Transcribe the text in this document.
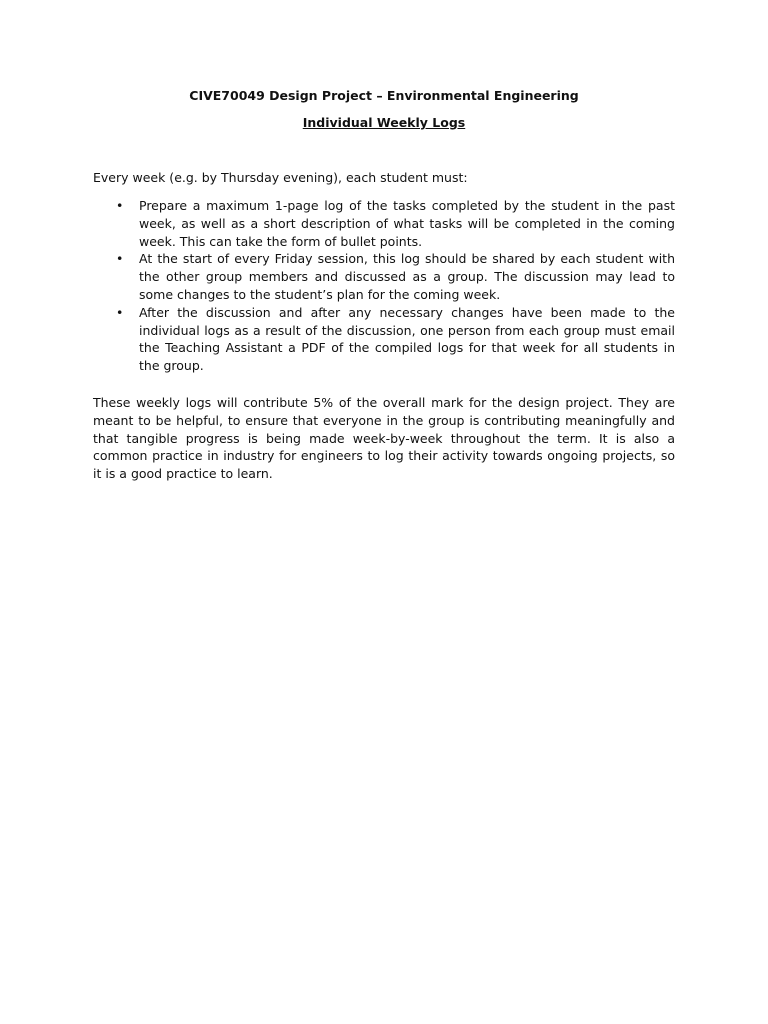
CIVE70049 Design Project – Environmental Engineering

Individual Weekly Logs

Every week (e.g. by Thursday evening), each student must:

• Prepare a maximum 1-page log of the tasks completed by the student in the past week, as well as a short description of what tasks will be completed in the coming week. This can take the form of bullet points.
• At the start of every Friday session, this log should be shared by each student with the other group members and discussed as a group. The discussion may lead to some changes to the student’s plan for the coming week.
• After the discussion and after any necessary changes have been made to the individual logs as a result of the discussion, one person from each group must email the Teaching Assistant a PDF of the compiled logs for that week for all students in the group.

These weekly logs will contribute 5% of the overall mark for the design project. They are meant to be helpful, to ensure that everyone in the group is contributing meaningfully and that tangible progress is being made week-by-week throughout the term. It is also a common practice in industry for engineers to log their activity towards ongoing projects, so it is a good practice to learn.
